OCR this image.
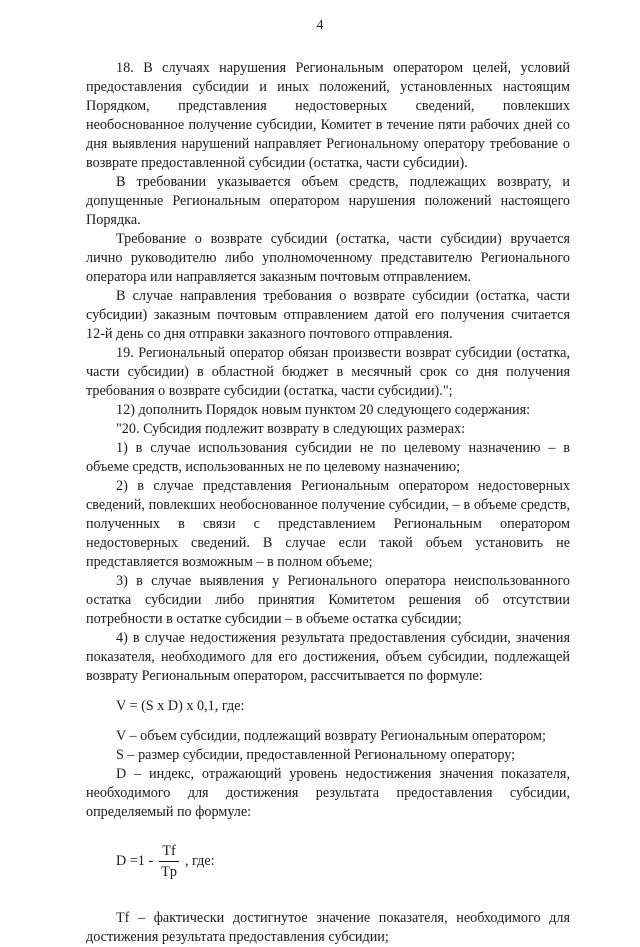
4

18. В случаях нарушения Региональным оператором целей, условий предоставления субсидии и иных положений, установленных настоящим Порядком, представления недостоверных сведений, повлекших необоснованное получение субсидии, Комитет в течение пяти рабочих дней со дня выявления нарушений направляет Региональному оператору требование о возврате предоставленной субсидии (остатка, части субсидии).

В требовании указывается объем средств, подлежащих возврату, и допущенные Региональным оператором нарушения положений настоящего Порядка.

Требование о возврате субсидии (остатка, части субсидии) вручается лично руководителю либо уполномоченному представителю Регионального оператора или направляется заказным почтовым отправлением.

В случае направления требования о возврате субсидии (остатка, части субсидии) заказным почтовым отправлением датой его получения считается 12-й день со дня отправки заказного почтового отправления.

19. Региональный оператор обязан произвести возврат субсидии (остатка, части субсидии) в областной бюджет в месячный срок со дня получения требования о возврате субсидии (остатка, части субсидии).";

12) дополнить Порядок новым пунктом 20 следующего содержания:

"20. Субсидия подлежит возврату в следующих размерах:

1) в случае использования субсидии не по целевому назначению – в объеме средств, использованных не по целевому назначению;

2) в случае представления Региональным оператором недостоверных сведений, повлекших необоснованное получение субсидии, – в объеме средств, полученных в связи с представлением Региональным оператором недостоверных сведений. В случае если такой объем установить не представляется возможным – в полном объеме;

3) в случае выявления у Регионального оператора неиспользованного остатка субсидии либо принятия Комитетом решения об отсутствии потребности в остатке субсидии – в объеме остатка субсидии;

4) в случае недостижения результата предоставления субсидии, значения показателя, необходимого для его достижения, объем субсидии, подлежащей возврату Региональным оператором, рассчитывается по формуле:

V = (S x D) x 0,1, где:

V – объем субсидии, подлежащий возврату Региональным оператором;

S – размер субсидии, предоставленной Региональному оператору;

D – индекс, отражающий уровень недостижения значения показателя, необходимого для достижения результата предоставления субсидии, определяемый по формуле:

$D =1 - \frac{Tf}{Tp}$ , где:

Tf – фактически достигнутое значение показателя, необходимого для достижения результата предоставления субсидии;
